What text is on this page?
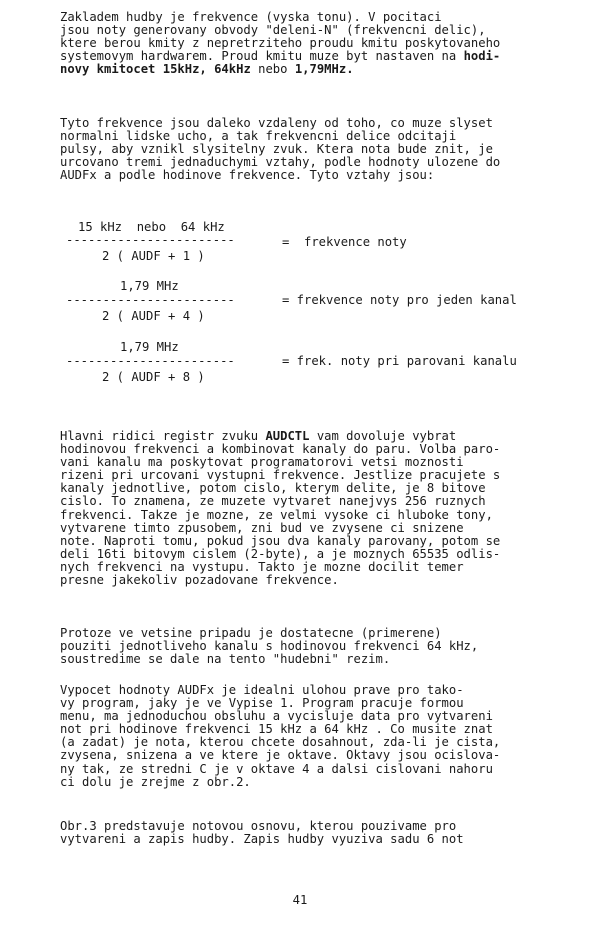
Zakladem hudby je frekvence (vyska tonu). V pocitaci
jsou noty generovany obvody "deleni-N" (frekvencni delic),
ktere berou kmity z nepretrziteho proudu kmitu poskytovaneho
systemovym hardwarem. Proud kmitu muze byt nastaven na hodi-
novy kmitocet 15kHz, 64kHz nebo 1,79MHz.
Tyto frekvence jsou daleko vzdaleny od toho, co muze slyset
normalni lidske ucho, a tak frekvencni delice odcitaji
pulsy, aby vznikl slysitelny zvuk. Ktera nota bude znit, je
urcovano tremi jednaduchymi vztahy, podle hodnoty ulozene do
AUDFx a podle hodinove frekvence. Tyto vztahy jsou:
15 kHz  nebo  64 kHz
-----------------------	=  frekvence noty
2 ( AUDF + 1 )
1,79 MHz
-----------------------	= frekvence noty pro jeden kanal
2 ( AUDF + 4 )
1,79 MHz
-----------------------	= frek. noty pri parovani kanalu
2 ( AUDF + 8 )
Hlavni ridici registr zvuku AUDCTL vam dovoluje vybrat
hodinovou frekvenci a kombinovat kanaly do paru. Volba paro-
vani kanalu ma poskytovat programatorovi vetsi moznosti
rizeni pri urcovani vystupni frekvence. Jestlize pracujete s
kanaly jednotlive, potom cislo, kterym delite, je 8 bitove
cislo. To znamena, ze muzete vytvaret nanejvys 256 ruznych
frekvenci. Takze je mozne, ze velmi vysoke ci hluboke tony,
vytvarene timto zpusobem, zni bud ve zvysene ci snizene
note. Naproti tomu, pokud jsou dva kanaly parovany, potom se
deli 16ti bitovym cislem (2-byte), a je moznych 65535 odlis-
nych frekvenci na vystupu. Takto je mozne docilit temer
presne jakekoliv pozadovane frekvence.
Protoze ve vetsine pripadu je dostatecne (primerene)
pouziti jednotliveho kanalu s hodinovou frekvenci 64 kHz,
soustredime se dale na tento "hudebni" rezim.
Vypocet hodnoty AUDFx je idealni ulohou prave pro tako-
vy program, jaky je ve Vypise 1. Program pracuje formou
menu, ma jednoduchou obsluhu a vycisluje data pro vytvareni
not pri hodinove frekvenci 15 kHz a 64 kHz . Co musite znat
(a zadat) je nota, kterou chcete dosahnout, zda-li je cista,
zvysena, snizena a ve ktere je oktave. Oktavy jsou ocislova-
ny tak, ze stredni C je v oktave 4 a dalsi cislovani nahoru
ci dolu je zrejme z obr.2.
Obr.3 predstavuje notovou osnovu, kterou pouzivame pro
vytvareni a zapis hudby. Zapis hudby vyuziva sadu 6 not
41
